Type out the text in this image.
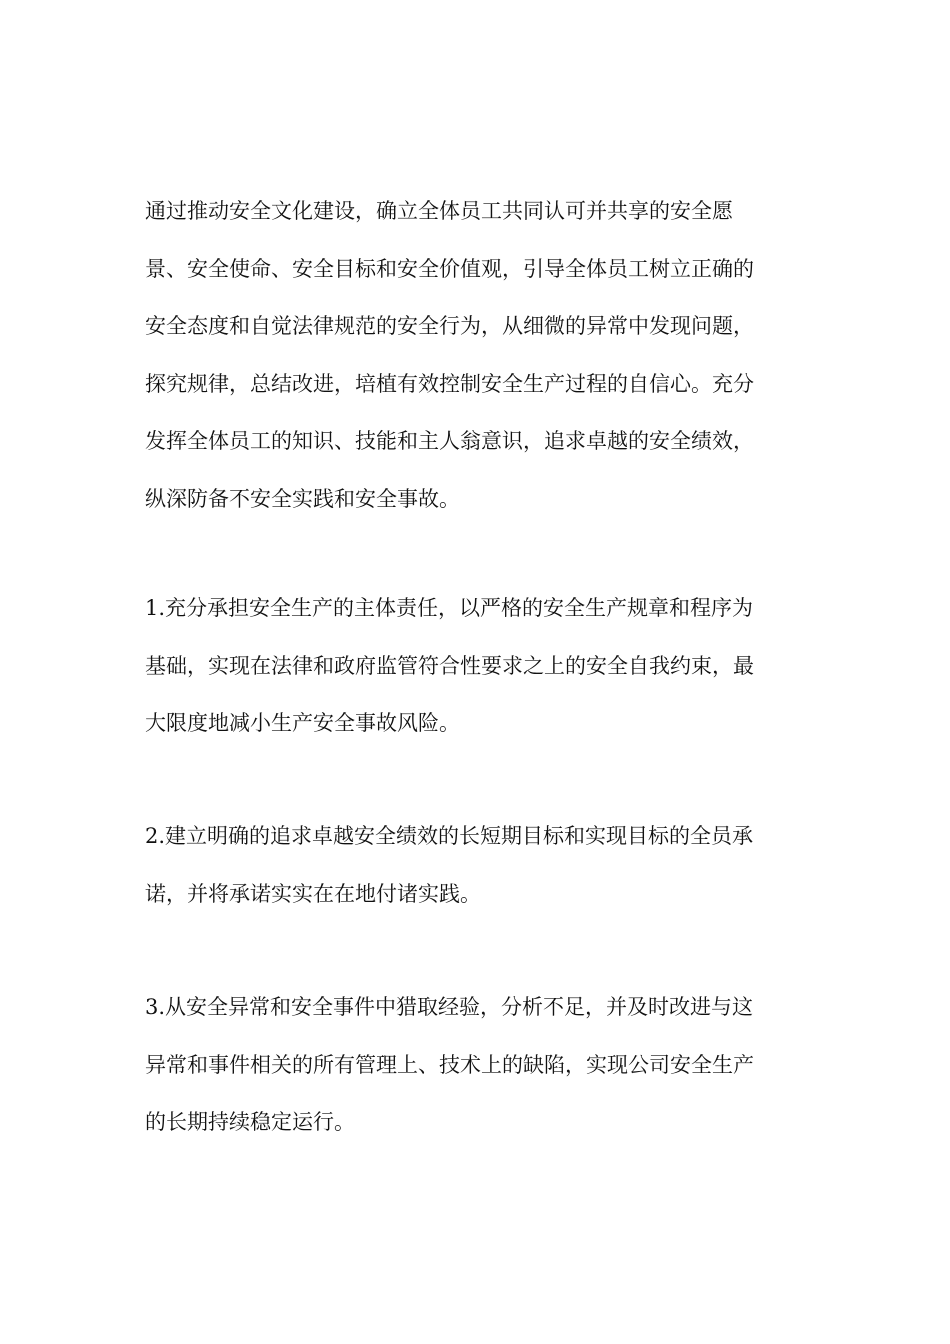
通过推动安全文化建设，确立全体员工共同认可并共享的安全愿
景、安全使命、安全目标和安全价值观，引导全体员工树立正确的
安全态度和自觉法律规范的安全行为，从细微的异常中发现问题，
探究规律，总结改进，培植有效控制安全生产过程的自信心。充分
发挥全体员工的知识、技能和主人翁意识，追求卓越的安全绩效，
纵深防备不安全实践和安全事故。

1.充分承担安全生产的主体责任，以严格的安全生产规章和程序为
基础，实现在法律和政府监管符合性要求之上的安全自我约束，最
大限度地减小生产安全事故风险。

2.建立明确的追求卓越安全绩效的长短期目标和实现目标的全员承
诺，并将承诺实实在在地付诸实践。

3.从安全异常和安全事件中猎取经验，分析不足，并及时改进与这
异常和事件相关的所有管理上、技术上的缺陷，实现公司安全生产
的长期持续稳定运行。
